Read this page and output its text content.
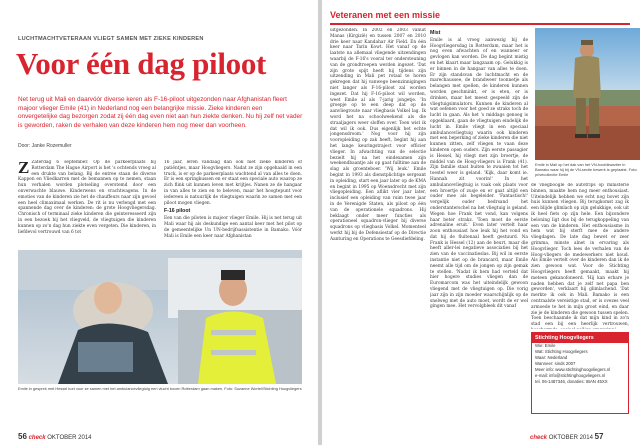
LUCHTMACHTVETERAAN VLIEGT SAMEN MET ZIEKE KINDEREN
Voor één dag piloot
Net terug uit Mali en daarvóór diverse keren als F-16-piloot uitgezonden naar Afghanistan fleert majoor vlieger Emile (41) in Nederland nog een belangrijke missie. Zieke kinderen een onvergetelijke dag bezorgen zodat zij één dag even niet aan hun ziekte denken. Nu hij zelf net vader is geworden, raken de verhalen van deze kinderen hem nog meer dan voorheen.
Door: Janke Rozemuller
Z Zaterdag 6 september. Op de parkeerplaats bij Rotterdam The Hague Airport is het 's ochtends vroeg al een drukte van belang. Bij de entree staan de diverse Kappen en Vliedkarren met de bemannen op te nemen, staan hun verhalen worden plotseling overstemd door een onverwachte blauwe. Kinderwens en vrachtwagens. In de emoties van de kinderen zie het de chauffeurs naar zijn gevoel een heel climaximaal werken. De rit is nu verlengd met een spannende dag over de kinderen: de grote Hoogvliegersdag. Chronisch of terminaal zieke kinderen die geinteresseerd zijn in een bezoek bij het vliegveld, de vliegtuigen die kinderen kunnen op zo'n dag hun ziekte even vergeten. Die kinderen, in liefdevol vertrouwd van 6 tot
16 jaar, leren vandaag dan ook niet zieke kinderen of patiëntjes, maar Hoogvliegers. Nadat ze zijn opgehaald in een truck, is er op de parkeerplaats wachtend al van alles te doen. Er is een springkussen en er staat een speciale auto waarop ze zich flink uit kunnen leven met krijtjes. Nanen ze de hangaar in van alles te zien en te beleven, maar het hoogtepunt voor iedereen is natuurlijk de vliegtuigen waarin ze samen met een piloot mogen vliegen.
F-16 piloot
Een van die piloten is majoor vlieger Emile. Hij is net terug uit Mali waar hij als deskundige een aantal keer met het pilot op de gemeentelijke Un UN-bedrijfsassistentie in Bamako. Vóór Mali is Emile een keer naar Afghanistan
Emile in gesprek met Hessel kort voor ze samen met het ambulancevliegtuig een vlucht boven Rotterdam gaan maken. Foto: Suzanne Wortel/Stichting Hoogvliegers
56 check OKTOBER 2014
Veteranen met een missie
uitgezonden. In 2002 en 2003 vanuit Manas (Kirgizië) en tussen 2007 en 2010 drie keer naar Kandahar Air Field. En één keer naar Tarin Kowt. Het vanaf op de laatste na allemaal vliegende uitzendingen waarbij de F-16's vooral ter ondersteuning van de grondtroepen werden ingezet. 'Dat zijn grote spijt heeft hij tijdens zijn uitzending in Mali pet rotaal te horen gekregen dat hij vanwege beenzinnigingen niet langer als F-16-piloot zal worden ingezet. Dat hij F-16-piloot wil worden, weet Emile al als 7-jarig jongetje. 'In groepje op te een deep dat op de aanvliegroute naar vliegbasis Volkel lag. Ik word het na schoolweekend als die straaljagers weer sloffen over. Toen wist ik dat wil ik ook. Dus eigenlijk het echte jongensdroom.' Nog voor hij zijn vooropleiding op zak heeft, begint hij aan het lange keuringstraject voor officier vlieger. In afwachting van de selectie bezielt hij na het eindexamen zijn weekendbaantje als op gaat fulltime aan de slag als groenteboer. 'Wij leuk.' Emile begint in 1993 als dienstplichtige sergeant in opleiding, start een jaar later op de KMA en begint in 1995 op Woensdrecht met zijn vliegopleiding. Een aflikt vier jaar later, inclusief een opleiding van ruim twee jaar in de Verenigde Staten, als piloot op één van de operationele squadrons. Hij beklaagt onder meer functies als operationeel squadron-vlieger bij diverse squadrons op vliegbasis Volkel. Momenteel werkt hij bij de Defensiestaf op de Directie Aanturing en Operations te Geesdiefdeling.
Mist
Emile is al vroeg aanwezig bij de Hoogvliegersdag in Rotterdam, maar het is nog even afwachten of en wanneer er gevlogen kan worden. De dag begint mistig en het klaart maar langzaam op. Gelukkig is er binnen in de hangaar van alles te doen. Er zijn standsvan de luchtmacht en de marechaussee, de brandweer toonnetje als belangen met spellen, de kinderen kunnen worden geschminkt, er is eten, er is drinken, maar het meest gespeeld zijn de vliegtuigsimulators. Kunnen de kinderen al wat oefenen voor het goed ze straks toch de lucht in gaan. Als het 's middags genoeg is opgeklaard, gaan de vliegtuigen eindelijk de lucht in. Emile vliegt in een speciaal ambulancevliegtuig waarin ook kinderen met een beperking of zieke kinderen die niet kunnen zitten, zelf vliegen te vaan deze kinderen open ouders. Zijn eerste passagier is Hessel, hij vliegt met zijn broertje, de middel van de Hoog-vliegers is Frank (41). Zijn familie staat buiten te zwaaien tot het toestel weer is geland. 'Kijk, daar komt ie. Hannah zit voorin!' In het ambulancevliegtuig is vaak ook plaats voor een broertje of zusje en er gaat altijd een ouder mee als begeleider. 'Fantastisch!' vergelijk ouder bedrsand het onderstanterschel na het vliegtuig is geland. Wegen hoe Frank het vond, kan volgens haar beter strakz. 'Toen moet de eerste adrenaline eruit.' Even later vertelt haar zoon enthousiast hoe leuk hij het vond en dat hij de fluitenaal heeft gestuurd. Na Frank is Hessel (12) aan de beurt, maar die heeft aller-lei negatieve associaties bij het zien van de vaccinatieslas. Bij wil in eerste instantie niet op de brancard, maar Emile neemt alle tijd om de jongen op zijn gemak te stellen. 'Nadat ik hem had verteld dat hier hogere studies vliegen dan de Euromarcom was het uiteindelijk gewoon vliegend met de vliegtuigen op. Die vorig jaar zijn in zijn moeder waarschijnlijk op de snelweg met de auto moet, wordt de er wel gingen mee. Het vervolgbleek dit vanaf
Emile in Mali op het dak van het VN-hoofdkwartier in Bamako waar hij bij de VN-sectie bewerk is geplaatst. Foto: privécollectie Emile
de vliegboogle de autotrips op ministerie binnen, maakte hem nog meer enthousiast. Uiteindelijk hebben we echt nog bovet zijn huis kunnen vliegen. Bij terugkomst zag ik een blijde glimlach op zijn gelukkige, ook uit ik heel fiets op zijn hele. Een bijzondere beloning ligt dus bij de terugkoppeling van een van de kinderen. Het enthousiasme in hem wat bij sterft mee de andere vliegdagen. De late dag bewet er zeer grimma, minste alnet in ervaring als Hoogvlieger. Toch lees de verhalen van de Hoog-vliegers de medewerkers niet koud. Als Emile vertelt over de kinderen dan ik de zien gewoon wat. Voor de Stichting Hoogvliegers heeft gemaakt, maakt hij meteen gekanofoneerd. 'Hij kan erbare je naden hebben dat je zelf net papa ben geworden', verklaart hij glimlachend. 'Dat merkte ik ook in Mali. Bamako is een centraalste vereistige stad, er is ovezes veel armoede te het in mijn groot eind, en daar zie je de kinderen die gewoon tussen spelen. Toen beschaamde ik dat mijn kind in zo'n stad een bij een heerlijk vertrouwen,
Stichting Hoogvliegers
Wie: Emile
Wat: Stichting Hoogvliegers
Waar: Nederland
Wanneer: sinds 2007
Meer info: www.stichtinghoogvliegers.nl
e-mail: info@stichtinghoogvliegers.nl
tel. 06-1487346, donaties: IBAN 45XX
check OKTOBER 2014 57
